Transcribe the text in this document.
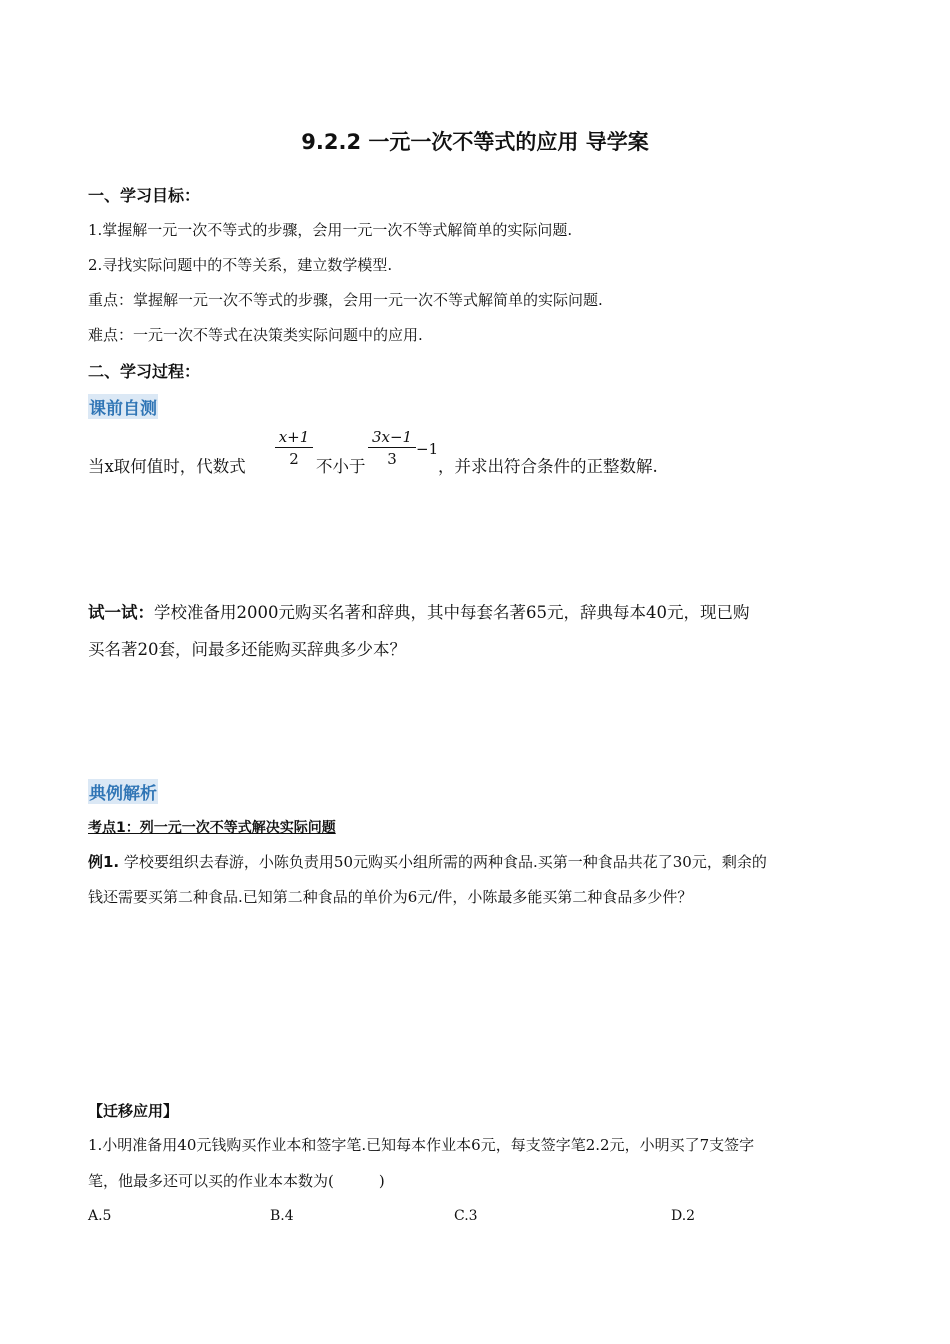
9.2.2 一元一次不等式的应用 导学案
一、学习目标：
1.掌握解一元一次不等式的步骤，会用一元一次不等式解简单的实际问题.
2.寻找实际问题中的不等关系，建立数学模型.
重点：掌握解一元一次不等式的步骤，会用一元一次不等式解简单的实际问题.
难点：一元一次不等式在决策类实际问题中的应用.
二、学习过程：
课前自测
当x取何值时，代数式
x+1
2	不小于
3x−1
3
−1
，并求出符合条件的正整数解.
试一试：学校准备用2000元购买名著和辞典，其中每套名著65元，辞典每本40元，现已购
买名著20套，问最多还能购买辞典多少本？
典例解析
考点1：列一元一次不等式解决实际问题
例1. 学校要组织去春游，小陈负责用50元购买小组所需的两种食品.买第一种食品共花了30元，剩余的
钱还需要买第二种食品.已知第二种食品的单价为6元/件，小陈最多能买第二种食品多少件？
【迁移应用】
1.小明准备用40元钱购买作业本和签字笔.已知每本作业本6元，每支签字笔2.2元，小明买了7支签字
笔，他最多还可以买的作业本本数为(　　　)
A.5	B.4	C.3	D.2
